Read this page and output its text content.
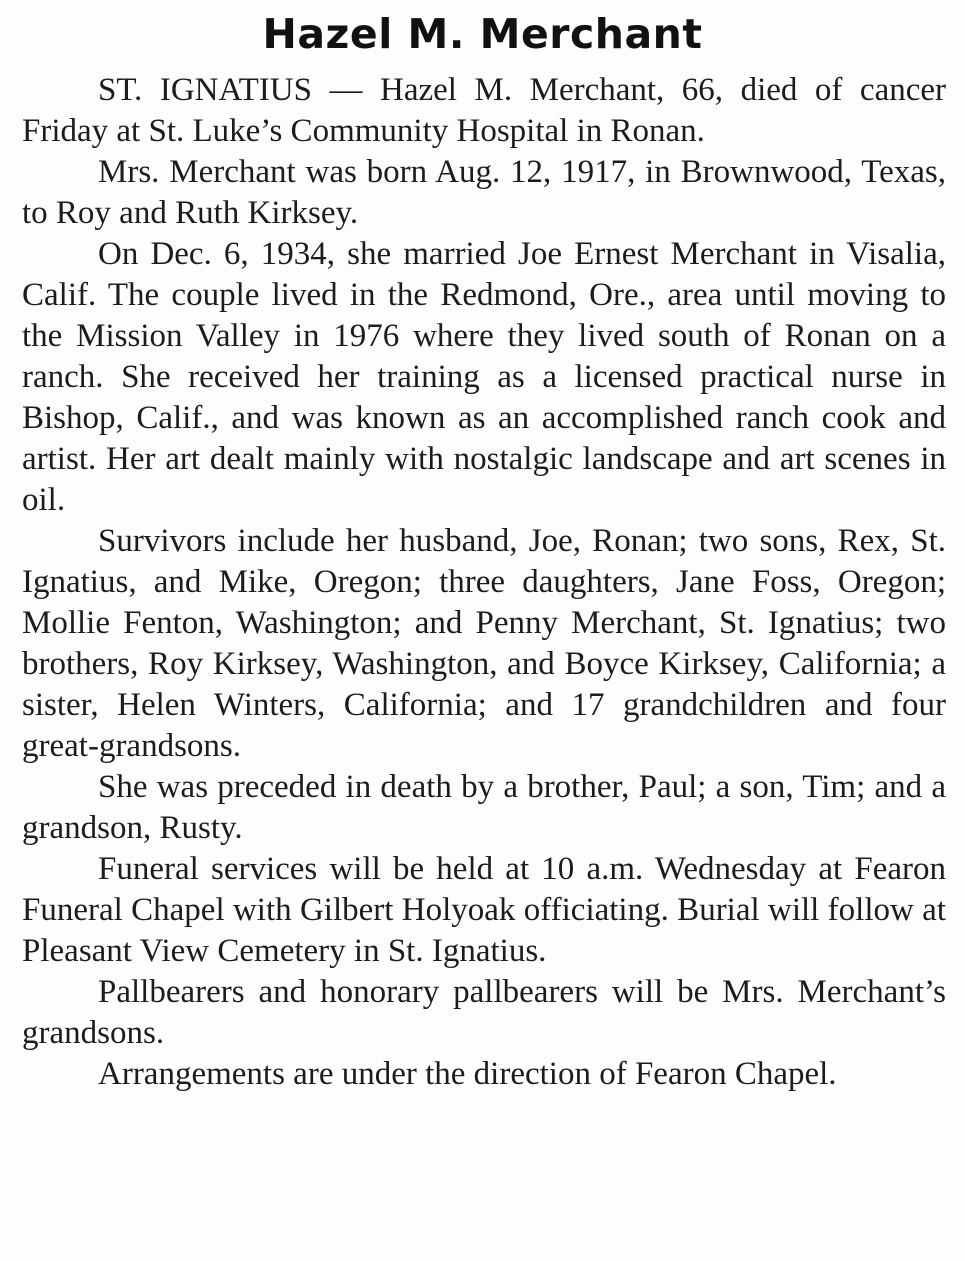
Hazel M. Merchant

ST. IGNATIUS — Hazel M. Merchant, 66, died of cancer Friday at St. Luke’s Community Hospital in Ronan.

Mrs. Merchant was born Aug. 12, 1917, in Brownwood, Texas, to Roy and Ruth Kirksey.

On Dec. 6, 1934, she married Joe Ernest Merchant in Visalia, Calif. The couple lived in the Redmond, Ore., area until moving to the Mission Valley in 1976 where they lived south of Ronan on a ranch. She received her training as a licensed practical nurse in Bishop, Calif., and was known as an accomplished ranch cook and artist. Her art dealt mainly with nostalgic landscape and art scenes in oil.

Survivors include her husband, Joe, Ronan; two sons, Rex, St. Ignatius, and Mike, Oregon; three daughters, Jane Foss, Oregon; Mollie Fenton, Washington; and Penny Merchant, St. Ignatius; two brothers, Roy Kirksey, Washington, and Boyce Kirksey, California; a sister, Helen Winters, California; and 17 grandchildren and four great-grandsons.

She was preceded in death by a brother, Paul; a son, Tim; and a grandson, Rusty.

Funeral services will be held at 10 a.m. Wednesday at Fearon Funeral Chapel with Gilbert Holyoak officiating. Burial will follow at Pleasant View Cemetery in St. Ignatius.

Pallbearers and honorary pallbearers will be Mrs. Merchant’s grandsons.

Arrangements are under the direction of Fearon Chapel.
